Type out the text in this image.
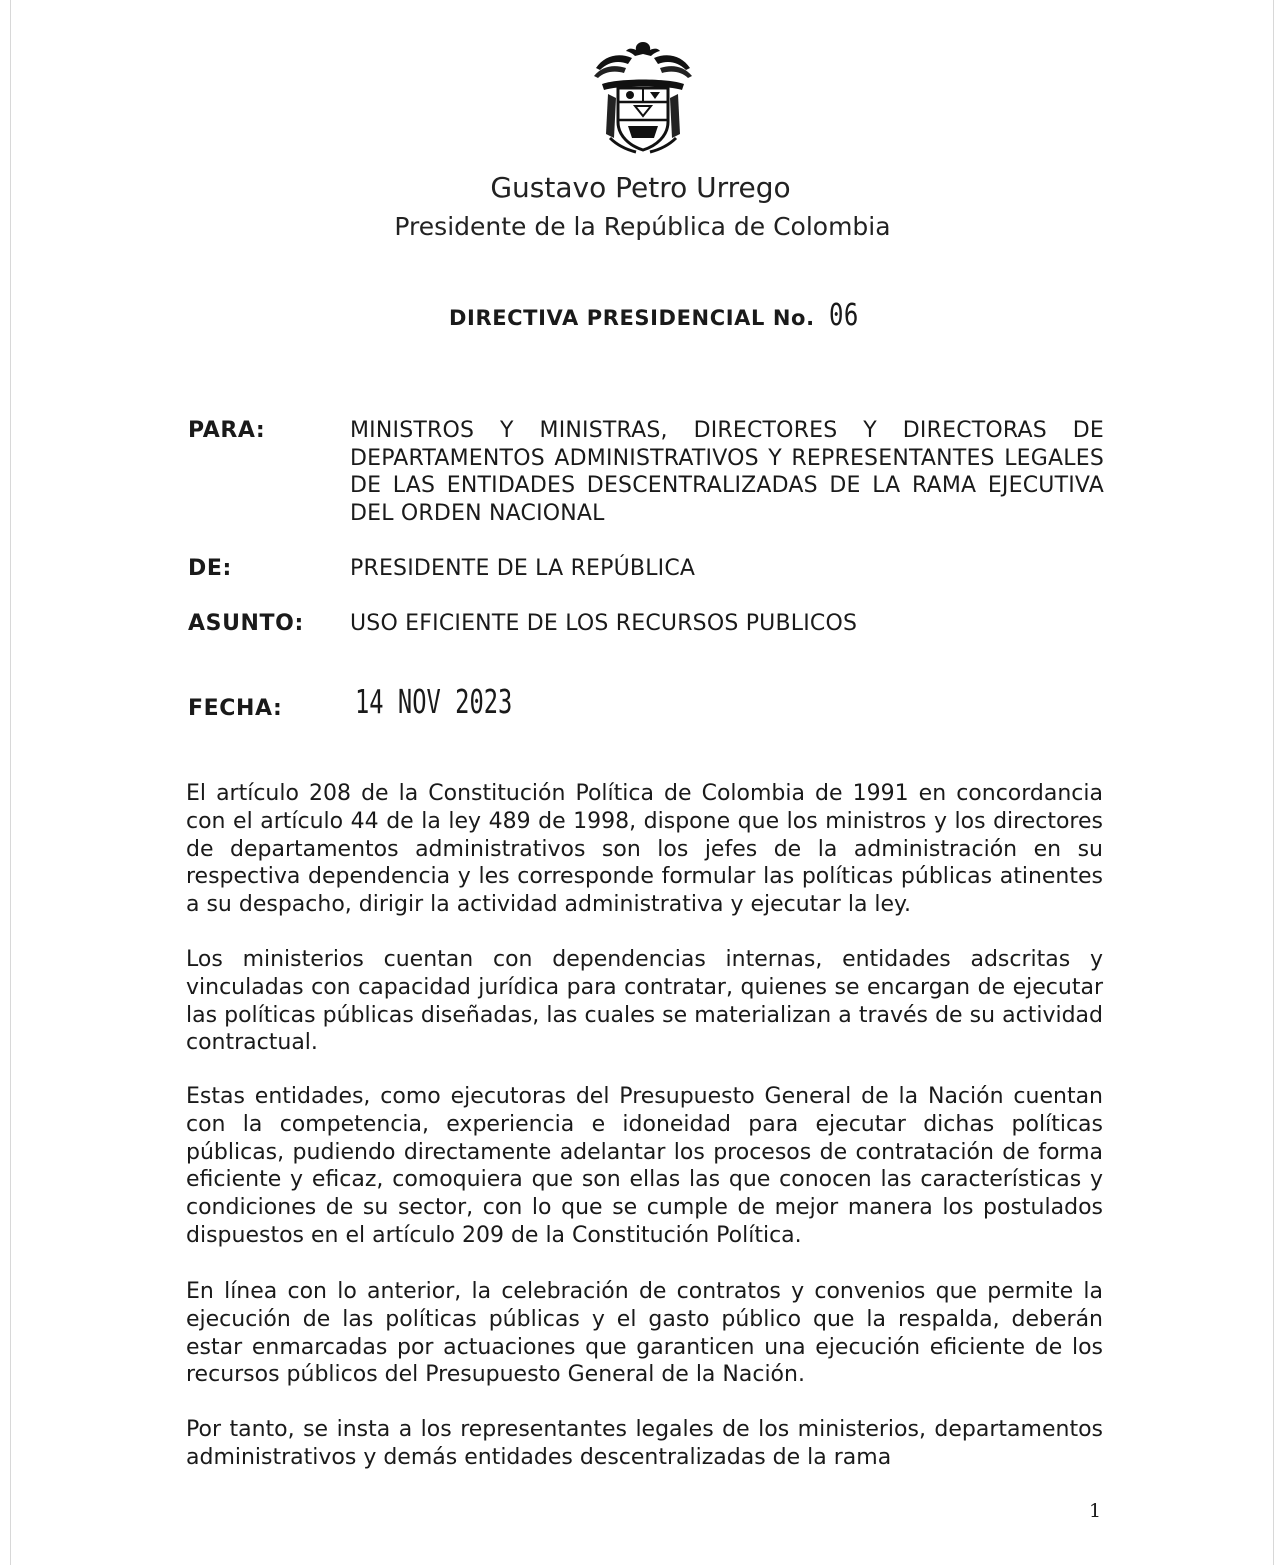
Gustavo Petro Urrego
Presidente de la República de Colombia
DIRECTIVA PRESIDENCIAL No. 06
PARA:	MINISTROS Y MINISTRAS, DIRECTORES Y DIRECTORAS DE DEPARTAMENTOS ADMINISTRATIVOS Y REPRESENTANTES LEGALES DE LAS ENTIDADES DESCENTRALIZADAS DE LA RAMA EJECUTIVA DEL ORDEN NACIONAL
DE:	PRESIDENTE DE LA REPÚBLICA
ASUNTO: USO EFICIENTE DE LOS RECURSOS PUBLICOS
FECHA: 14 NOV 2023
El artículo 208 de la Constitución Política de Colombia de 1991 en concordancia con el artículo 44 de la ley 489 de 1998, dispone que los ministros y los directores de departamentos administrativos son los jefes de la administración en su respectiva dependencia y les corresponde formular las políticas públicas atinentes a su despacho, dirigir la actividad administrativa y ejecutar la ley.
Los ministerios cuentan con dependencias internas, entidades adscritas y vinculadas con capacidad jurídica para contratar, quienes se encargan de ejecutar las políticas públicas diseñadas, las cuales se materializan a través de su actividad contractual.
Estas entidades, como ejecutoras del Presupuesto General de la Nación cuentan con la competencia, experiencia e idoneidad para ejecutar dichas políticas públicas, pudiendo directamente adelantar los procesos de contratación de forma eficiente y eficaz, comoquiera que son ellas las que conocen las características y condiciones de su sector, con lo que se cumple de mejor manera los postulados dispuestos en el artículo 209 de la Constitución Política.
En línea con lo anterior, la celebración de contratos y convenios que permite la ejecución de las políticas públicas y el gasto público que la respalda, deberán estar enmarcadas por actuaciones que garanticen una ejecución eficiente de los recursos públicos del Presupuesto General de la Nación.
Por tanto, se insta a los representantes legales de los ministerios, departamentos administrativos y demás entidades descentralizadas de la rama
1
